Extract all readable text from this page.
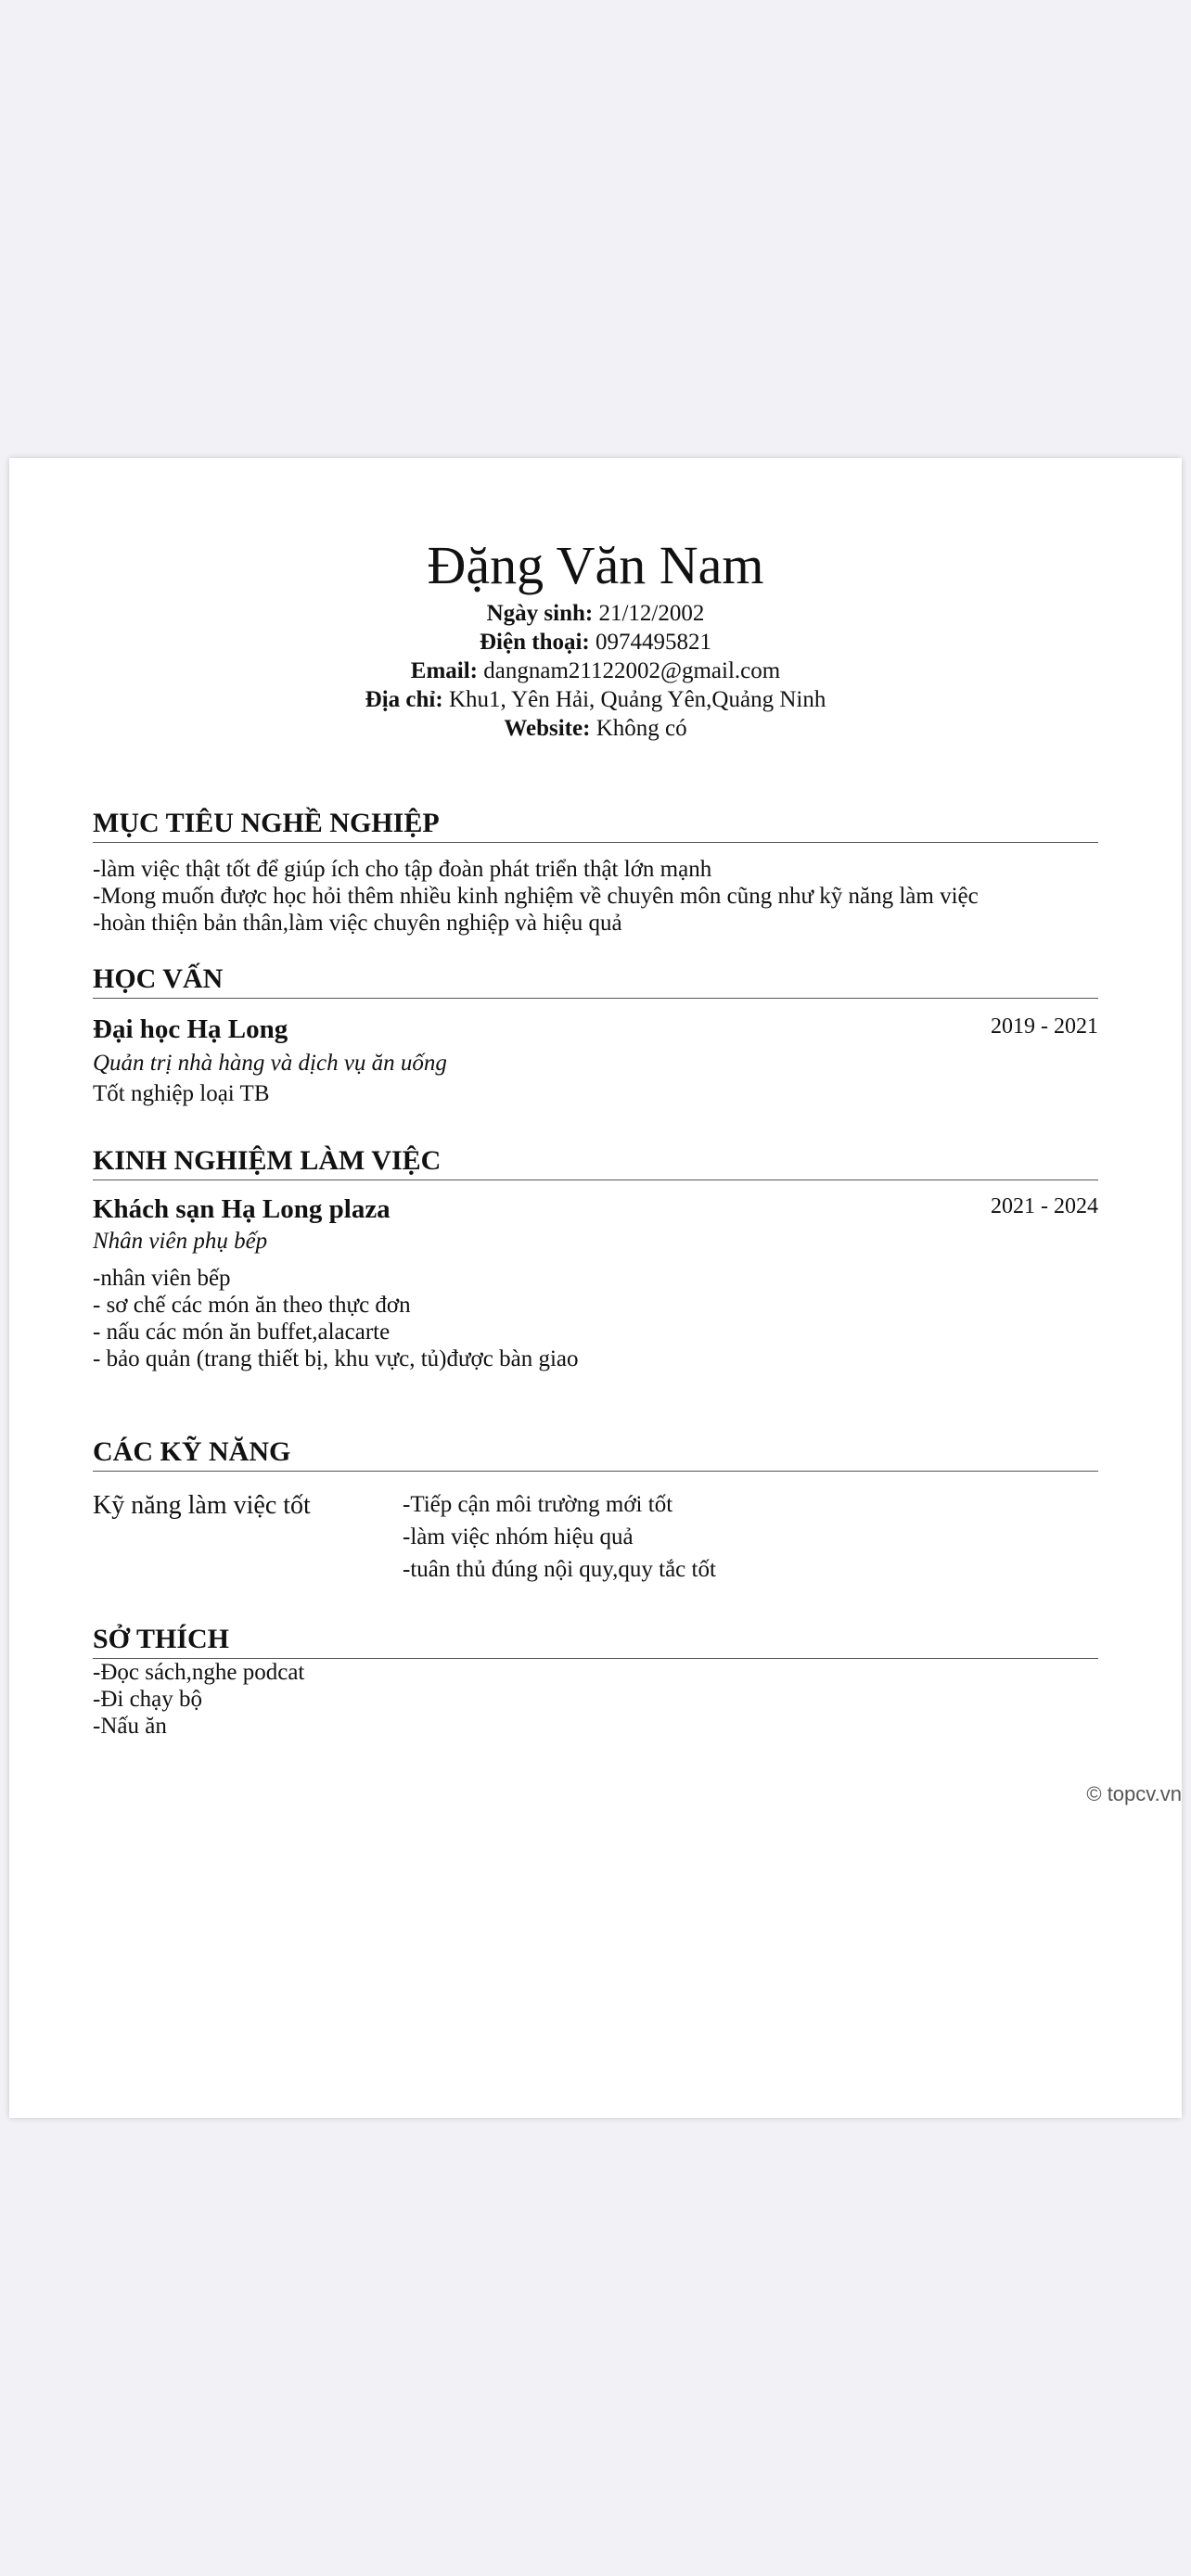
Đặng Văn Nam
Ngày sinh: 21/12/2002
Điện thoại: 0974495821
Email: dangnam21122002@gmail.com
Địa chỉ: Khu1, Yên Hải, Quảng Yên,Quảng Ninh
Website: Không có
MỤC TIÊU NGHỀ NGHIỆP
-làm việc thật tốt để giúp ích cho tập đoàn phát triển thật lớn mạnh
-Mong muốn được học hỏi thêm nhiều kinh nghiệm về chuyên môn cũng như kỹ năng làm việc
-hoàn thiện bản thân,làm việc chuyên nghiệp và hiệu quả
HỌC VẤN
Đại học Hạ Long	2019 - 2021
Quản trị nhà hàng và dịch vụ ăn uống
Tốt nghiệp loại TB
KINH NGHIỆM LÀM VIỆC
Khách sạn Hạ Long plaza	2021 - 2024
Nhân viên phụ bếp
-nhân viên bếp
- sơ chế các món ăn theo thực đơn
- nấu các món ăn buffet,alacarte
- bảo quản (trang thiết bị, khu vực, tủ)được bàn giao
CÁC KỸ NĂNG
Kỹ năng làm việc tốt	-Tiếp cận môi trường mới tốt
-làm việc nhóm hiệu quả
-tuân thủ đúng nội quy,quy tắc tốt
SỞ THÍCH
-Đọc sách,nghe podcat
-Đi chạy bộ
-Nấu ăn
© topcv.vn
